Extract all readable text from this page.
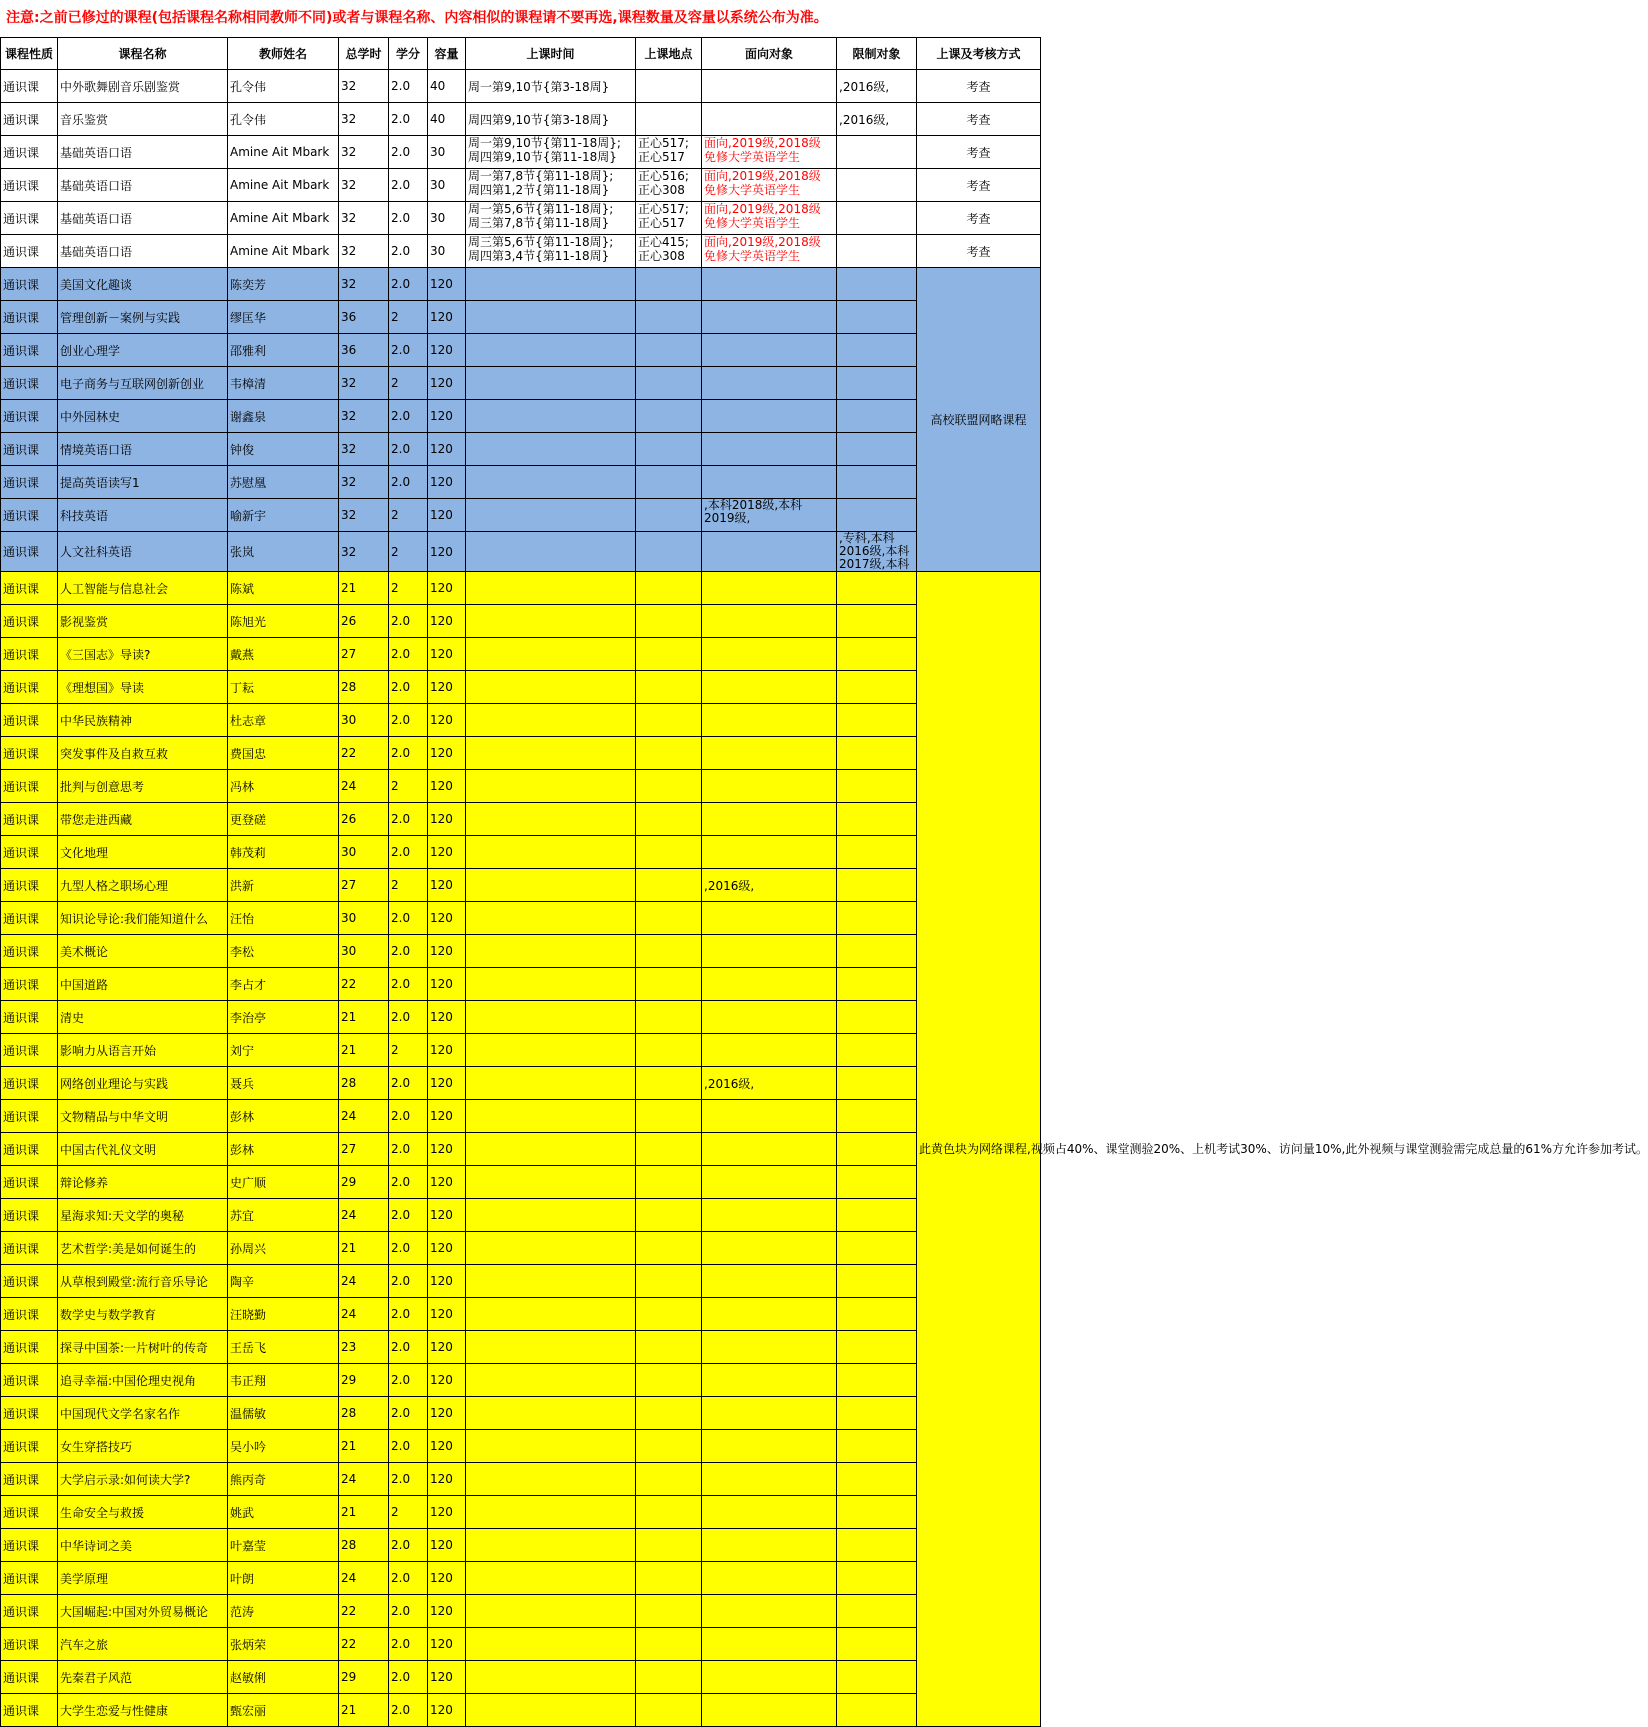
注意:之前已修过的课程(包括课程名称相同教师不同)或者与课程名称、内容相似的课程请不要再选,课程数量及容量以系统公布为准。
课程性质	课程名称	教师姓名	总学时	学分	容量	上课时间	上课地点	面向对象	限制对象	上课及考核方式
通识课	中外歌舞剧音乐剧鉴赏	孔令伟	32	2.0	40	周一第9,10节{第3-18周}			,2016级,	考查
通识课	音乐鉴赏	孔令伟	32	2.0	40	周四第9,10节{第3-18周}			,2016级,	考查
通识课	基础英语口语	Amine Ait Mbark	32	2.0	30	周一第9,10节{第11-18周};
周四第9,10节{第11-18周}	正心517;
正心517	面向,2019级,2018级
免修大学英语学生		考查
通识课	基础英语口语	Amine Ait Mbark	32	2.0	30	周一第7,8节{第11-18周};
周四第1,2节{第11-18周}	正心516;
正心308	面向,2019级,2018级
免修大学英语学生		考查
通识课	基础英语口语	Amine Ait Mbark	32	2.0	30	周一第5,6节{第11-18周};
周三第7,8节{第11-18周}	正心517;
正心517	面向,2019级,2018级
免修大学英语学生		考查
通识课	基础英语口语	Amine Ait Mbark	32	2.0	30	周三第5,6节{第11-18周};
周四第3,4节{第11-18周}	正心415;
正心308	面向,2019级,2018级
免修大学英语学生		考查
通识课	美国文化趣谈	陈奕芳	32	2.0	120					高校联盟网略课程
通识课	管理创新－案例与实践	缪匡华	36	2	120					
通识课	创业心理学	邵雅利	36	2.0	120					
通识课	电子商务与互联网创新创业	韦樟清	32	2	120					
通识课	中外园林史	谢鑫泉	32	2.0	120					
通识课	情境英语口语	钟俊	32	2.0	120					
通识课	提高英语读写1	苏慰凰	32	2.0	120					
通识课	科技英语	喻新宇	32	2	120			,本科2018级,本科
2019级,		
通识课	人文社科英语	张岚	32	2	120				,专科,本科
2016级,本科
2017级,本科	
通识课	人工智能与信息社会	陈斌	21	2	120					此黄色块为网络课程,视频占40%、课堂测验20%、上机考试30%、访问量10%,此外视频与课堂测验需完成总量的61%方允许参加考试。
通识课	影视鉴赏	陈旭光	26	2.0	120					
通识课	《三国志》导读?	戴燕	27	2.0	120					
通识课	《理想国》导读	丁耘	28	2.0	120					
通识课	中华民族精神	杜志章	30	2.0	120					
通识课	突发事件及自救互救	费国忠	22	2.0	120					
通识课	批判与创意思考	冯林	24	2	120					
通识课	带您走进西藏	更登磋	26	2.0	120					
通识课	文化地理	韩茂莉	30	2.0	120					
通识课	九型人格之职场心理	洪新	27	2	120			,2016级,		
通识课	知识论导论:我们能知道什么	汪怡	30	2.0	120					
通识课	美术概论	李松	30	2.0	120					
通识课	中国道路	李占才	22	2.0	120					
通识课	清史	李治亭	21	2.0	120					
通识课	影响力从语言开始	刘宁	21	2	120					
通识课	网络创业理论与实践	聂兵	28	2.0	120			,2016级,		
通识课	文物精品与中华文明	彭林	24	2.0	120					
通识课	中国古代礼仪文明	彭林	27	2.0	120					
通识课	辩论修养	史广顺	29	2.0	120					
通识课	星海求知:天文学的奥秘	苏宜	24	2.0	120					
通识课	艺术哲学:美是如何诞生的	孙周兴	21	2.0	120					
通识课	从草根到殿堂:流行音乐导论	陶辛	24	2.0	120					
通识课	数学史与数学教育	汪晓勤	24	2.0	120					
通识课	探寻中国茶:一片树叶的传奇	王岳飞	23	2.0	120					
通识课	追寻幸福:中国伦理史视角	韦正翔	29	2.0	120					
通识课	中国现代文学名家名作	温儒敏	28	2.0	120					
通识课	女生穿搭技巧	吴小吟	21	2.0	120					
通识课	大学启示录:如何读大学?	熊丙奇	24	2.0	120					
通识课	生命安全与救援	姚武	21	2	120					
通识课	中华诗词之美	叶嘉莹	28	2.0	120					
通识课	美学原理	叶朗	24	2.0	120					
通识课	大国崛起:中国对外贸易概论	范涛	22	2.0	120					
通识课	汽车之旅	张炳荣	22	2.0	120					
通识课	先秦君子风范	赵敏俐	29	2.0	120					
通识课	大学生恋爱与性健康	甄宏丽	21	2.0	120					
